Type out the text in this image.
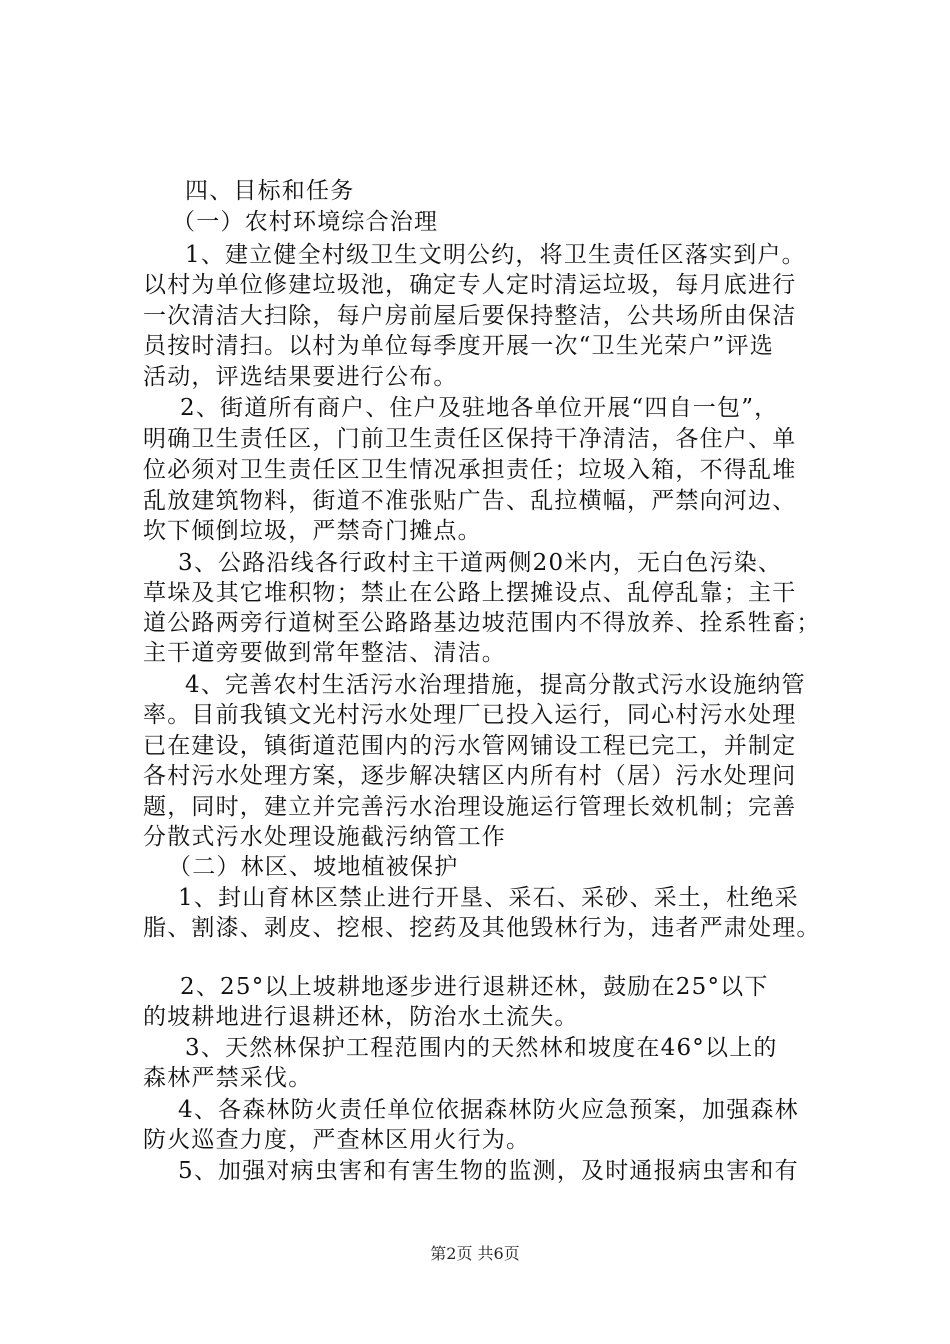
四、目标和任务
（一）农村环境综合治理
1、建立健全村级卫生文明公约，将卫生责任区落实到户。
以村为单位修建垃圾池，确定专人定时清运垃圾，每月底进行
一次清洁大扫除，每户房前屋后要保持整洁，公共场所由保洁
员按时清扫。以村为单位每季度开展一次“卫生光荣户”评选
活动，评选结果要进行公布。
2、街道所有商户、住户及驻地各单位开展“四自一包”，
明确卫生责任区，门前卫生责任区保持干净清洁，各住户、单
位必须对卫生责任区卫生情况承担责任；垃圾入箱，不得乱堆
乱放建筑物料，街道不准张贴广告、乱拉横幅，严禁向河边、
坎下倾倒垃圾，严禁奇门摊点。
3、公路沿线各行政村主干道两侧20米内，无白色污染、
草垛及其它堆积物；禁止在公路上摆摊设点、乱停乱靠；主干
道公路两旁行道树至公路路基边坡范围内不得放养、拴系牲畜；
主干道旁要做到常年整洁、清洁。
4、完善农村生活污水治理措施，提高分散式污水设施纳管
率。目前我镇文光村污水处理厂已投入运行，同心村污水处理
已在建设，镇街道范围内的污水管网铺设工程已完工，并制定
各村污水处理方案，逐步解决辖区内所有村（居）污水处理问
题，同时，建立并完善污水治理设施运行管理长效机制；完善
分散式污水处理设施截污纳管工作
（二）林区、坡地植被保护
1、封山育林区禁止进行开垦、采石、采砂、采土，杜绝采
脂、割漆、剥皮、挖根、挖药及其他毁林行为，违者严肃处理。
2、25°以上坡耕地逐步进行退耕还林，鼓励在25°以下
的坡耕地进行退耕还林，防治水土流失。
3、天然林保护工程范围内的天然林和坡度在46°以上的
森林严禁采伐。
4、各森林防火责任单位依据森林防火应急预案，加强森林
防火巡查力度，严查林区用火行为。
5、加强对病虫害和有害生物的监测，及时通报病虫害和有
第2页 共6页
